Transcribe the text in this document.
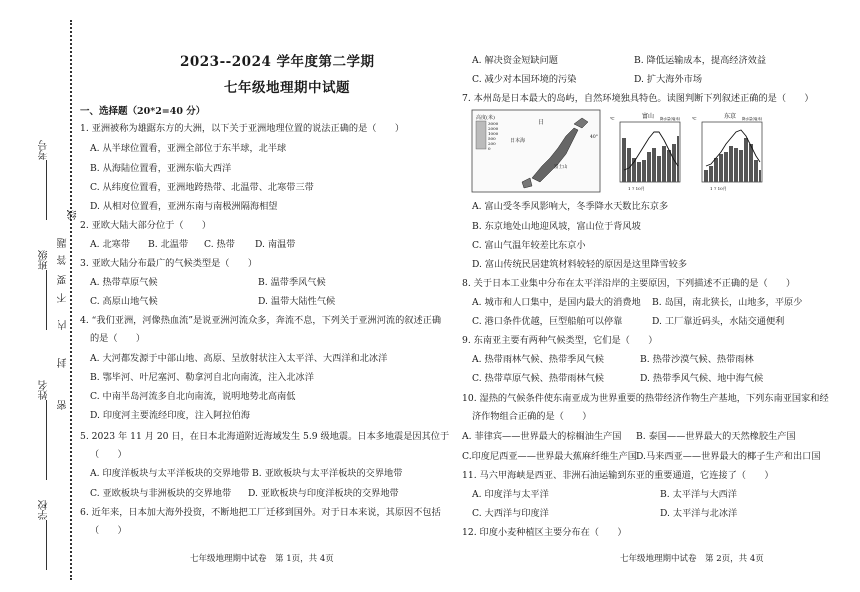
考号
班级
姓名
学校
题
答
要
不
线
内
封
密
2023--2024 学年度第二学期
七年级地理期中试题
一、选择题（20*2=40 分）
1. 亚洲被称为雄踞东方的大洲，以下关于亚洲地理位置的说法正确的是（　　）
A. 从半球位置看，亚洲全部位于东半球，北半球
B. 从海陆位置看，亚洲东临大西洋
C. 从纬度位置看，亚洲地跨热带、北温带、北寒带三带
D. 从相对位置看，亚洲东南与南极洲隔海相望
2. 亚欧大陆大部分位于（　　）
A. 北寒带 B. 北温带 C. 热带 D. 南温带
3. 亚欧大陆分布最广的气候类型是（　　）
A. 热带草原气候	B. 温带季风气候
C. 高原山地气候	D. 温带大陆性气候
4. “我们亚洲，河像热血流”是说亚洲河流众多，奔流不息，下列关于亚洲河流的叙述正确
的是（　　）
A. 大河都发源于中部山地、高原、呈放射状注入太平洋、大西洋和北冰洋
B. 鄂毕河、叶尼塞河、勒拿河自北向南流，注入北冰洋
C. 中南半岛河流多自北向南流，说明地势北高南低
D. 印度河主要流经印度，注入阿拉伯海
5. 2023 年 11 月 20 日，在日本北海道附近海域发生 5.9 级地震。日本多地震是因其位于
（　　）
A. 印度洋板块与太平洋板块的交界地带 B. 亚欧板块与太平洋板块的交界地带
C. 亚欧板块与非洲板块的交界地带 D. 亚欧板块与印度洋板块的交界地带
6. 近年来，日本加大海外投资，不断地把工厂迁移到国外。对于日本来说，其原因不包括
（　　）
七年级地理期中试卷　第 1页，共 4页
A. 解决资金短缺问题	B. 降低运输成本，提高经济效益
C. 减少对本国环境的污染	D. 扩大海外市场
7. 本州岛是日本最大的岛屿，自然环境独具特色。读图判断下列叙述正确的是（　　）
高度(米)
3000
2000
1000
500
200
0
日
日本海
富士山
40°
富山
℃	降水量(毫米)
1 7 10月
东京
℃	降水量(毫米)
1 7 10月
A. 富山受冬季风影响大，冬季降水天数比东京多
B. 东京地处山地迎风坡，富山位于背风坡
C. 富山气温年较差比东京小
D. 富山传统民居建筑材料较轻的原因是这里降雪较多
8. 关于日本工业集中分布在太平洋沿岸的主要原因，下列描述不正确的是（　　）
A. 城市和人口集中，是国内最大的消费地 B. 岛国，南北狭长，山地多，平原少
C. 港口条件优越，巨型船舶可以停靠	D. 工厂靠近码头，水陆交通便利
9. 东南亚主要有两种气候类型，它们是（　　）
A. 热带雨林气候、热带季风气候	B. 热带沙漠气候、热带雨林
C. 热带草原气候、热带雨林气候	D. 热带季风气候、地中海气候
10. 湿热的气候条件使东南亚成为世界重要的热带经济作物生产基地，下列东南亚国家和经
济作物组合正确的是（　　）
A. 菲律宾——世界最大的棕榈油生产国 B. 泰国——世界最大的天然橡胶生产国
C.印度尼西亚——世界最大蕉麻纤维生产国 D.马来西亚——世界最大的椰子生产和出口国
11. 马六甲海峡是西亚、非洲石油运输到东亚的重要通道，它连接了（　　）
A. 印度洋与太平洋	B. 太平洋与大西洋
C. 大西洋与印度洋	D. 太平洋与北冰洋
12. 印度小麦种植区主要分布在（　　）
七年级地理期中试卷　第 2页，共 4页
